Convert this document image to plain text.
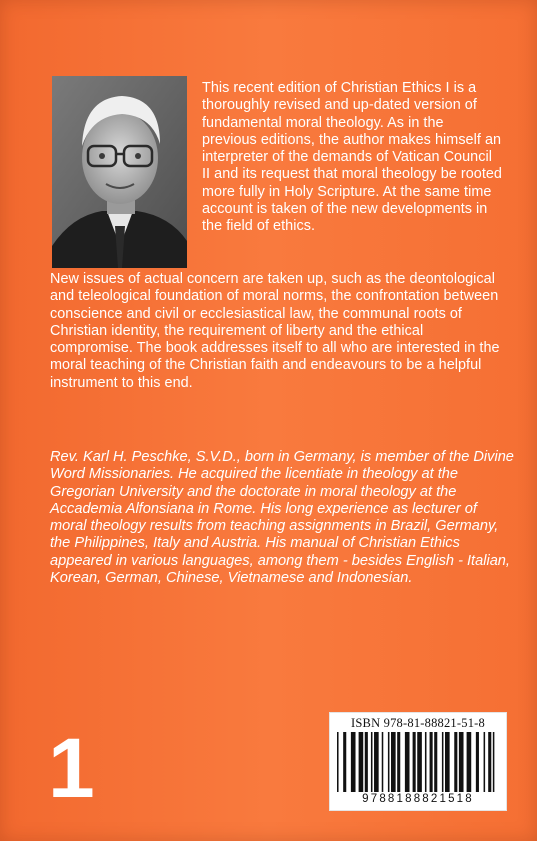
This recent edition of Christian Ethics I is a thoroughly revised and up-dated version of fundamental moral theology. As in the previous editions, the author makes himself an interpreter of the demands of Vatican Council II and its request that moral theology be rooted more fully in Holy Scripture. At the same time account is taken of the new developments in the field of ethics.

New issues of actual concern are taken up, such as the deontological and teleological foundation of moral norms, the confrontation between conscience and civil or ecclesiastical law, the communal roots of Christian identity, the requirement of liberty and the ethical compromise. The book addresses itself to all who are interested in the moral teaching of the Christian faith and endeavours to be a helpful instrument to this end.

Rev. Karl H. Peschke, S.V.D., born in Germany, is member of the Divine Word Missionaries. He acquired the licentiate in theology at the Gregorian University and the doctorate in moral theology at the Accademia Alfonsiana in Rome. His long experience as lecturer of moral theology results from teaching assignments in Brazil, Germany, the Philippines, Italy and Austria. His manual of Christian Ethics appeared in various languages, among them - besides English - Italian, Korean, German, Chinese, Vietnamese and Indonesian.

1	ISBN 978-81-88821-51-8
9788188821518
